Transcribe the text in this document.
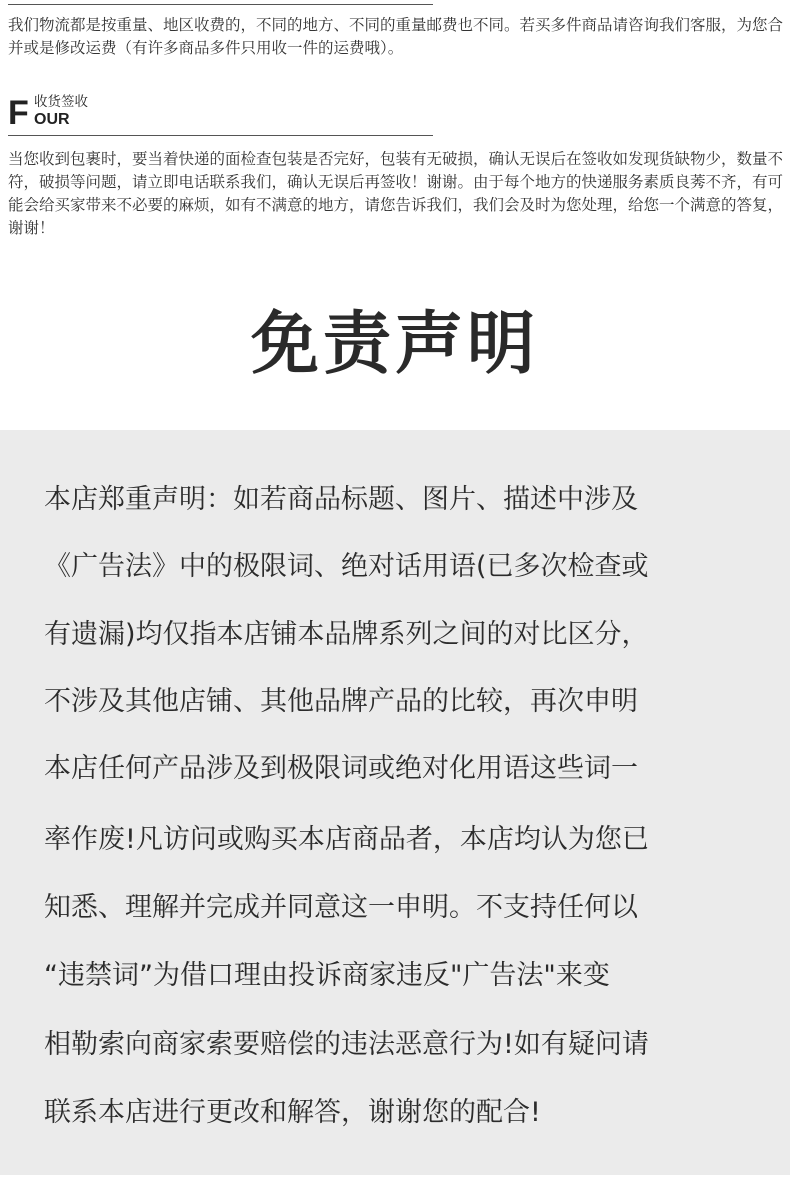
我们物流都是按重量、地区收费的，不同的地方、不同的重量邮费也不同。若买多件商品请咨询我们客服，为您合并或是修改运费（有许多商品多件只用收一件的运费哦）。

F 收货签收
OUR

当您收到包裹时，要当着快递的面检查包装是否完好，包装有无破损，确认无误后在签收如发现货缺物少，数量不符，破损等问题，请立即电话联系我们，确认无误后再签收！谢谢。由于每个地方的快递服务素质良莠不齐，有可能会给买家带来不必要的麻烦，如有不满意的地方，请您告诉我们，我们会及时为您处理，给您一个满意的答复，谢谢！

免责声明
本店郑重声明：如若商品标题、图片、描述中涉及
《广告法》中的极限词、绝对话用语(已多次检查或
有遗漏)均仅指本店铺本品牌系列之间的对比区分，
不涉及其他店铺、其他品牌产品的比较，再次申明
本店任何产品涉及到极限词或绝对化用语这些词一
率作废!凡访问或购买本店商品者，本店均认为您已
知悉、理解并完成并同意这一申明。不支持任何以
“违禁词”为借口理由投诉商家违反"广告法"来变
相勒索向商家索要赔偿的违法恶意行为!如有疑问请
联系本店进行更改和解答，谢谢您的配合!
